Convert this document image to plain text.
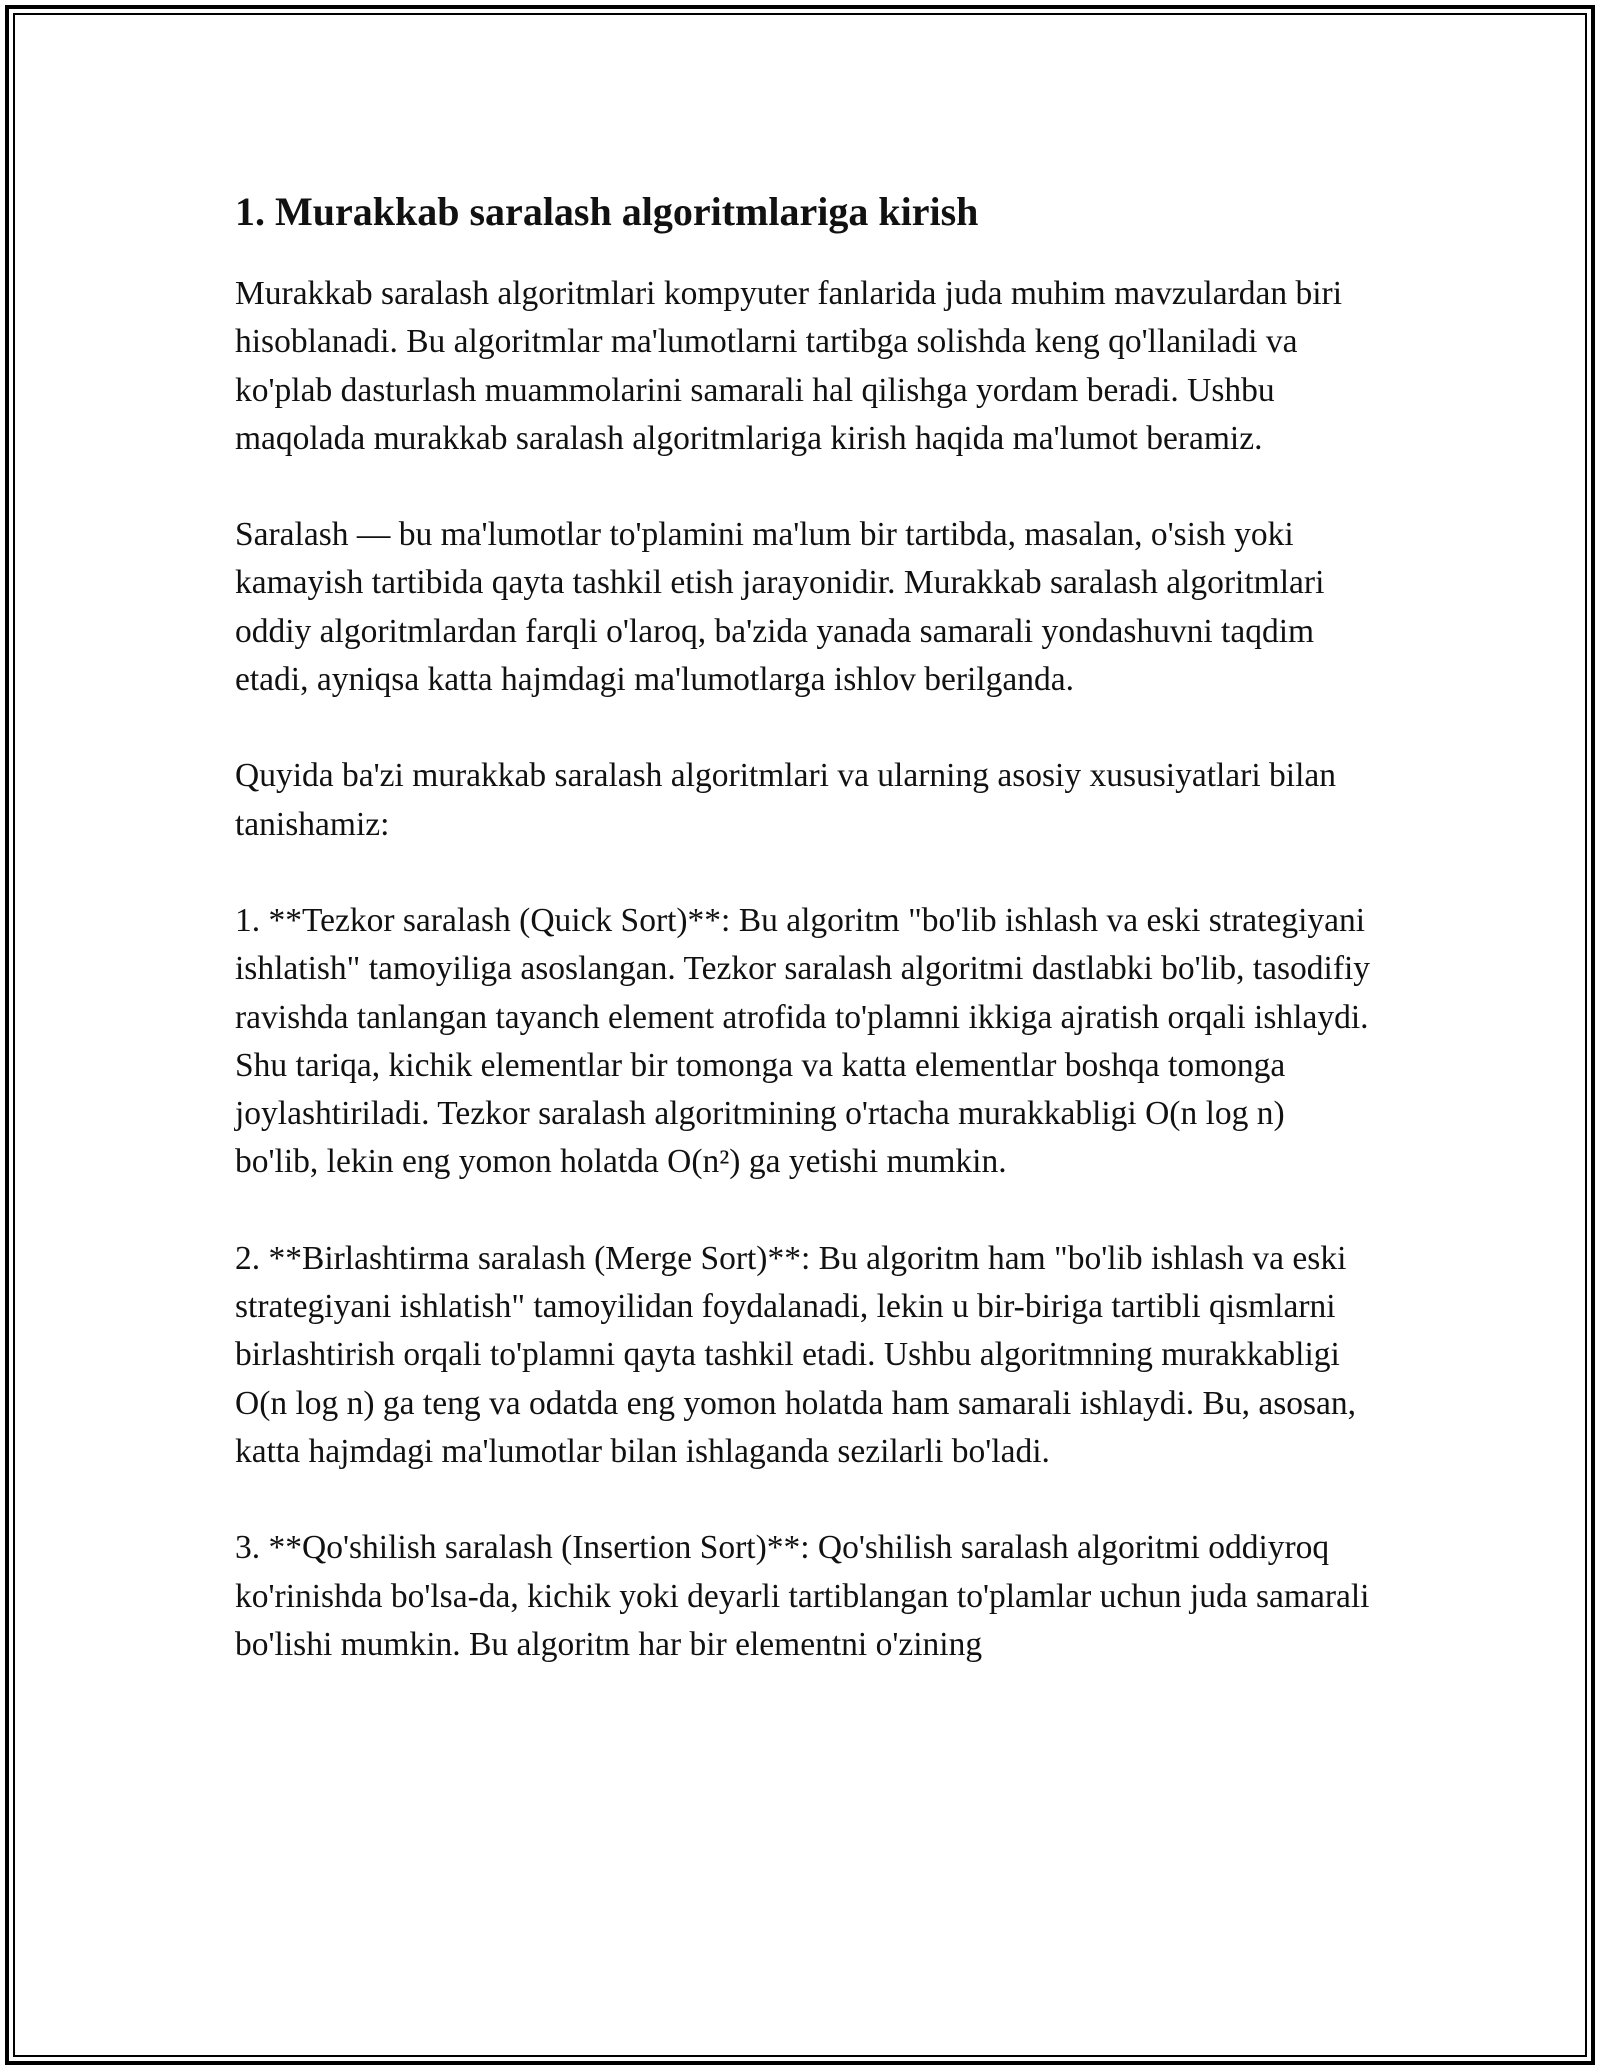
1. Murakkab saralash algoritmlariga kirish

Murakkab saralash algoritmlari kompyuter fanlarida juda muhim mavzulardan biri hisoblanadi. Bu algoritmlar ma'lumotlarni tartibga solishda keng qo'llaniladi va ko'plab dasturlash muammolarini samarali hal qilishga yordam beradi. Ushbu maqolada murakkab saralash algoritmlariga kirish haqida ma'lumot beramiz.

Saralash — bu ma'lumotlar to'plamini ma'lum bir tartibda, masalan, o'sish yoki kamayish tartibida qayta tashkil etish jarayonidir. Murakkab saralash algoritmlari oddiy algoritmlardan farqli o'laroq, ba'zida yanada samarali yondashuvni taqdim etadi, ayniqsa katta hajmdagi ma'lumotlarga ishlov berilganda.

Quyida ba'zi murakkab saralash algoritmlari va ularning asosiy xususiyatlari bilan tanishamiz:

1. **Tezkor saralash (Quick Sort)**: Bu algoritm "bo'lib ishlash va eski strategiyani ishlatish" tamoyiliga asoslangan. Tezkor saralash algoritmi dastlabki bo'lib, tasodifiy ravishda tanlangan tayanch element atrofida to'plamni ikkiga ajratish orqali ishlaydi. Shu tariqa, kichik elementlar bir tomonga va katta elementlar boshqa tomonga joylashtiriladi. Tezkor saralash algoritmining o'rtacha murakkabligi O(n log n) bo'lib, lekin eng yomon holatda O(n²) ga yetishi mumkin.

2. **Birlashtirma saralash (Merge Sort)**: Bu algoritm ham "bo'lib ishlash va eski strategiyani ishlatish" tamoyilidan foydalanadi, lekin u bir-biriga tartibli qismlarni birlashtirish orqali to'plamni qayta tashkil etadi. Ushbu algoritmning murakkabligi O(n log n) ga teng va odatda eng yomon holatda ham samarali ishlaydi. Bu, asosan, katta hajmdagi ma'lumotlar bilan ishlaganda sezilarli bo'ladi.

3. **Qo'shilish saralash (Insertion Sort)**: Qo'shilish saralash algoritmi oddiyroq ko'rinishda bo'lsa-da, kichik yoki deyarli tartiblangan to'plamlar uchun juda samarali bo'lishi mumkin. Bu algoritm har bir elementni o'zining
